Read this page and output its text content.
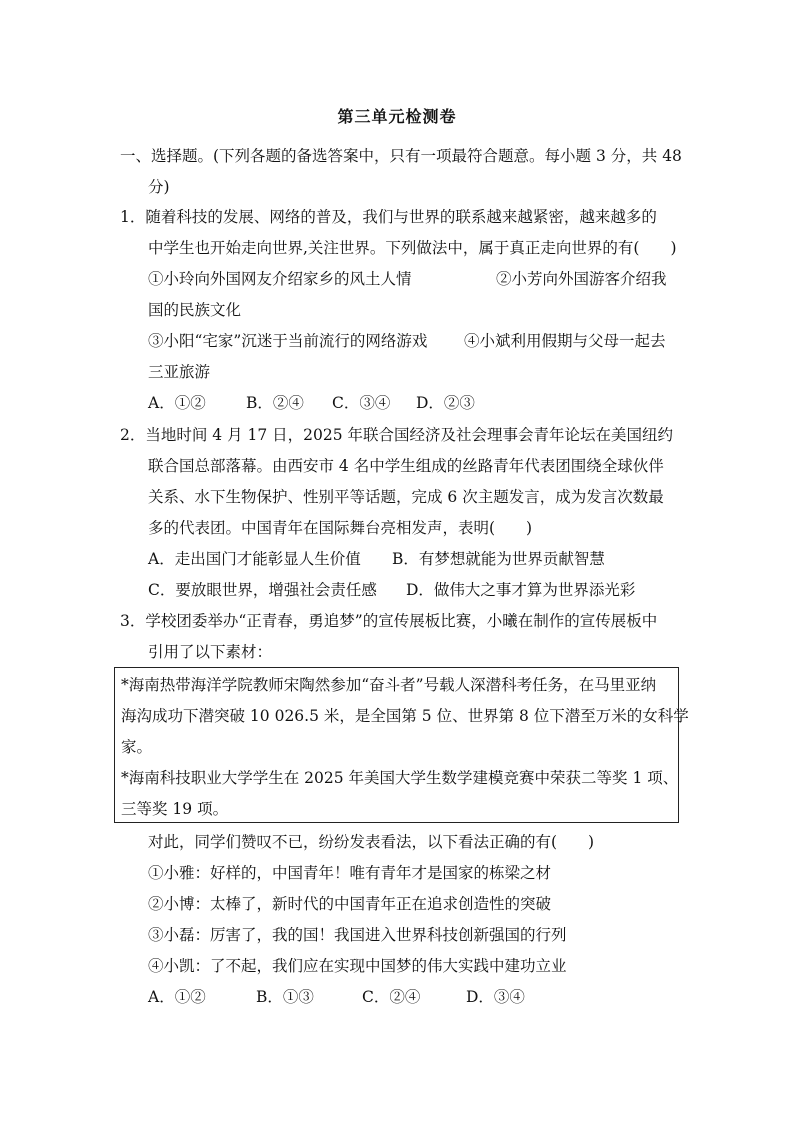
第三单元检测卷
一、选择题。(下列各题的备选答案中，只有一项最符合题意。每小题 3 分，共 48
分)
1．随着科技的发展、网络的普及，我们与世界的联系越来越紧密，越来越多的
中学生也开始走向世界,关注世界。下列做法中，属于真正走向世界的有(　　)
①小玲向外国网友介绍家乡的风土人情	②小芳向外国游客介绍我
国的民族文化
③小阳“宅家”沉迷于当前流行的网络游戏 ④小斌利用假期与父母一起去
三亚旅游
A．①②	B．②④ C．③④ D．②③
2．当地时间 4 月 17 日，2025 年联合国经济及社会理事会青年论坛在美国纽约
联合国总部落幕。由西安市 4 名中学生组成的丝路青年代表团围绕全球伙伴
关系、水下生物保护、性别平等话题，完成 6 次主题发言，成为发言次数最
多的代表团。中国青年在国际舞台亮相发声，表明(　　)
A．走出国门才能彰显人生价值 B．有梦想就能为世界贡献智慧
C．要放眼世界，增强社会责任感 D．做伟大之事才算为世界添光彩
3．学校团委举办“正青春，勇追梦”的宣传展板比赛，小曦在制作的宣传展板中
引用了以下素材：
*海南热带海洋学院教师宋陶然参加“奋斗者”号载人深潜科考任务，在马里亚纳
海沟成功下潜突破 10 026.5 米，是全国第 5 位、世界第 8 位下潜至万米的女科学
家。
*海南科技职业大学学生在 2025 年美国大学生数学建模竞赛中荣获二等奖 1 项、
三等奖 19 项。
对此，同学们赞叹不已，纷纷发表看法，以下看法正确的有(　　)
①小雅：好样的，中国青年！唯有青年才是国家的栋梁之材
②小博：太棒了，新时代的中国青年正在追求创造性的突破
③小磊：厉害了，我的国！我国进入世界科技创新强国的行列
④小凯：了不起，我们应在实现中国梦的伟大实践中建功立业
A．①②	B．①③	C．②④	D．③④
